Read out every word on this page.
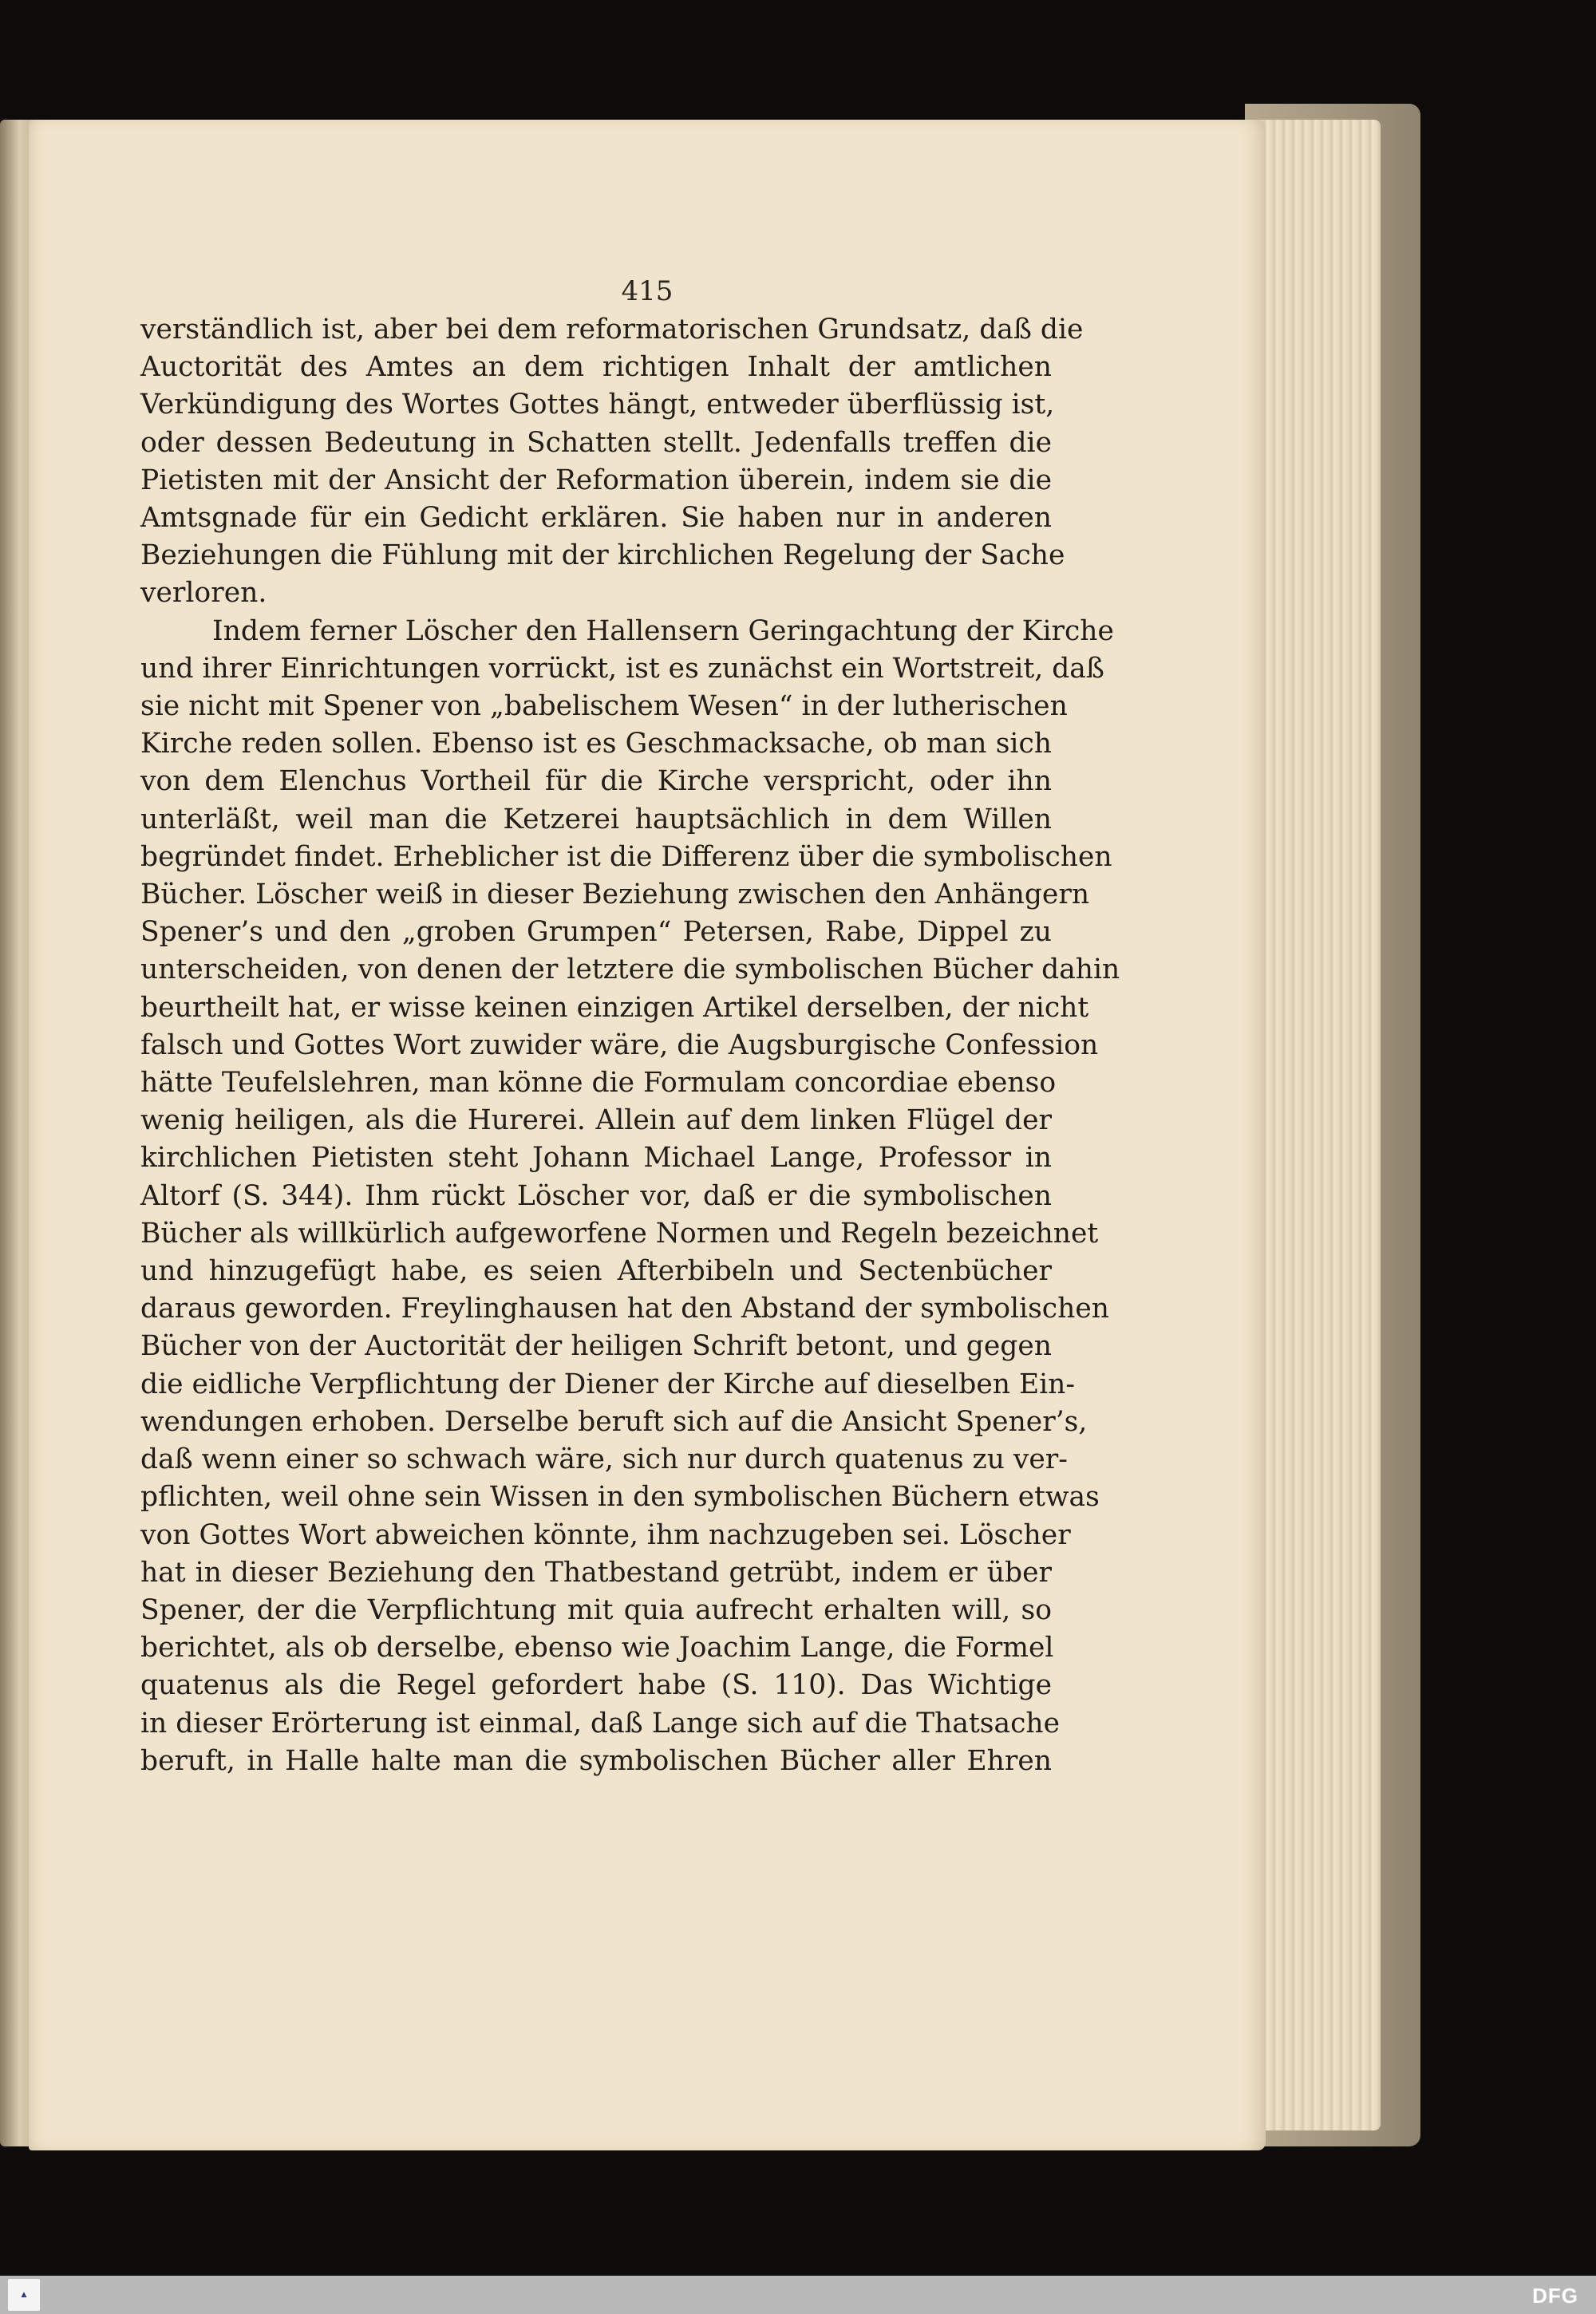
415
verständlich ist, aber bei dem reformatorischen Grundsatz, daß die
Auctorität des Amtes an dem richtigen Inhalt der amtlichen
Verkündigung des Wortes Gottes hängt, entweder überflüssig ist,
oder dessen Bedeutung in Schatten stellt. Jedenfalls treffen die
Pietisten mit der Ansicht der Reformation überein, indem sie die
Amtsgnade für ein Gedicht erklären. Sie haben nur in anderen
Beziehungen die Fühlung mit der kirchlichen Regelung der Sache
verloren.
Indem ferner Löscher den Hallensern Geringachtung der Kirche
und ihrer Einrichtungen vorrückt, ist es zunächst ein Wortstreit, daß
sie nicht mit Spener von „babelischem Wesen“ in der lutherischen
Kirche reden sollen. Ebenso ist es Geschmacksache, ob man sich
von dem Elenchus Vortheil für die Kirche verspricht, oder ihn
unterläßt, weil man die Ketzerei hauptsächlich in dem Willen
begründet findet. Erheblicher ist die Differenz über die symbolischen
Bücher. Löscher weiß in dieser Beziehung zwischen den Anhängern
Spener’s und den „groben Grumpen“ Petersen, Rabe, Dippel zu
unterscheiden, von denen der letztere die symbolischen Bücher dahin
beurtheilt hat, er wisse keinen einzigen Artikel derselben, der nicht
falsch und Gottes Wort zuwider wäre, die Augsburgische Confession
hätte Teufelslehren, man könne die Formulam concordiae ebenso
wenig heiligen, als die Hurerei. Allein auf dem linken Flügel der
kirchlichen Pietisten steht Johann Michael Lange, Professor in
Altorf (S. 344). Ihm rückt Löscher vor, daß er die symbolischen
Bücher als willkürlich aufgeworfene Normen und Regeln bezeichnet
und hinzugefügt habe, es seien Afterbibeln und Sectenbücher
daraus geworden. Freylinghausen hat den Abstand der symbolischen
Bücher von der Auctorität der heiligen Schrift betont, und gegen
die eidliche Verpflichtung der Diener der Kirche auf dieselben Ein-
wendungen erhoben. Derselbe beruft sich auf die Ansicht Spener’s,
daß wenn einer so schwach wäre, sich nur durch quatenus zu ver-
pflichten, weil ohne sein Wissen in den symbolischen Büchern etwas
von Gottes Wort abweichen könnte, ihm nachzugeben sei. Löscher
hat in dieser Beziehung den Thatbestand getrübt, indem er über
Spener, der die Verpflichtung mit quia aufrecht erhalten will, so
berichtet, als ob derselbe, ebenso wie Joachim Lange, die Formel
quatenus als die Regel gefordert habe (S. 110). Das Wichtige
in dieser Erörterung ist einmal, daß Lange sich auf die Thatsache
beruft, in Halle halte man die symbolischen Bücher aller Ehren
▲	DFG
